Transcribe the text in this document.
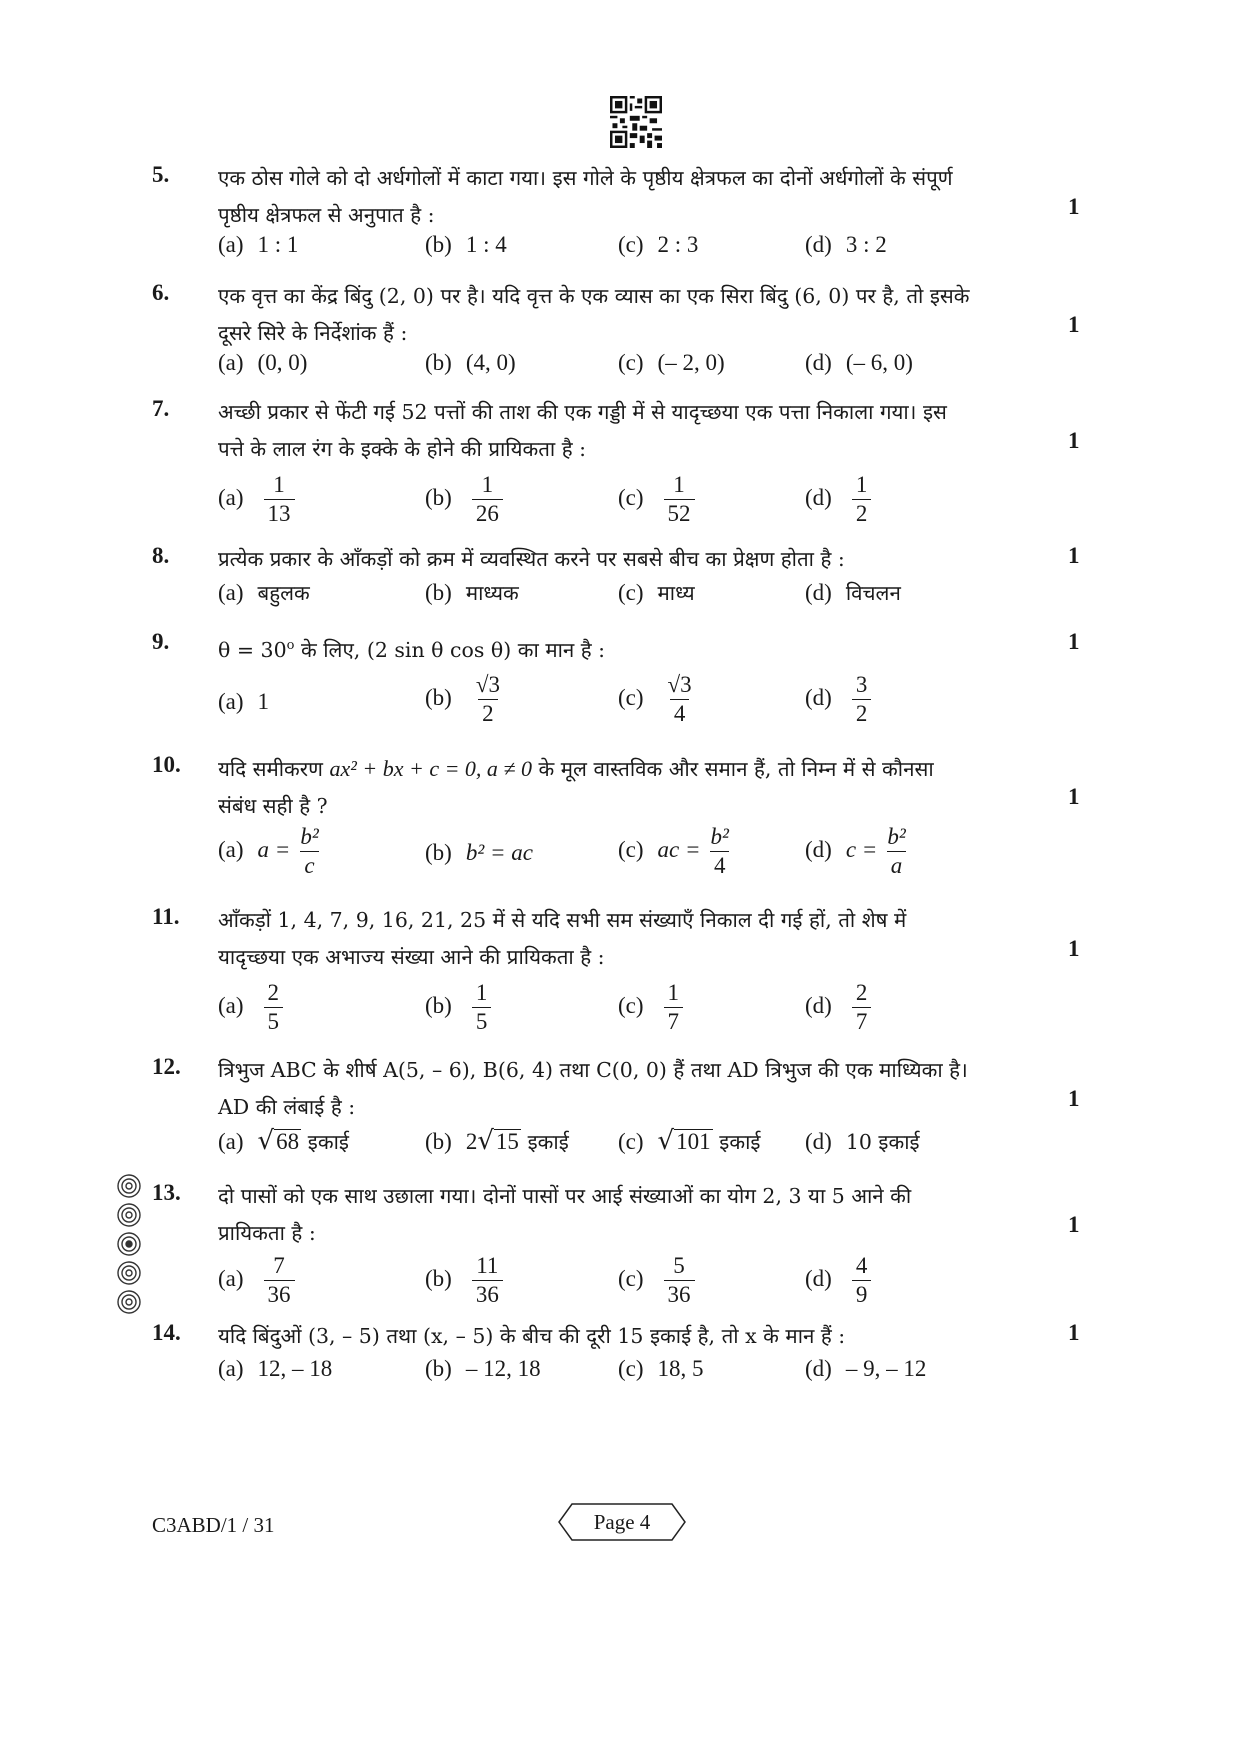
5. एक ठोस गोले को दो अर्धगोलों में काटा गया। इस गोले के पृष्ठीय क्षेत्रफल का दोनों अर्धगोलों के संपूर्ण पृष्ठीय क्षेत्रफल से अनुपात है :	1
(a) 1 : 1	(b) 1 : 4	(c) 2 : 3	(d) 3 : 2
6. एक वृत्त का केंद्र बिंदु (2, 0) पर है। यदि वृत्त के एक व्यास का एक सिरा बिंदु (6, 0) पर है, तो इसके दूसरे सिरे के निर्देशांक हैं :	1
(a) (0, 0)	(b) (4, 0)	(c) (– 2, 0)	(d) (– 6, 0)
7. अच्छी प्रकार से फेंटी गई 52 पत्तों की ताश की एक गड्डी में से यादृच्छया एक पत्ता निकाला गया। इस पत्ते के लाल रंग के इक्के के होने की प्रायिकता है :	1
$(a) \frac{1}{13}$	$(b) \frac{1}{26}$	$(c) \frac{1}{52}$	$(d) \frac{1}{2}$
8. प्रत्येक प्रकार के आँकड़ों को क्रम में व्यवस्थित करने पर सबसे बीच का प्रेक्षण होता है :	1
(a) बहुलक	(b) माध्यक	(c) माध्य	(d) विचलन
9. $\theta = 30^o$ के लिए, (2 sin θ cos θ) का मान है :	1
(a) 1	$(b) \frac{√3}{2}$	$(c) \frac{√3}{4}$	$(d) \frac{3}{2}$
10. यदि समीकरण ax² + bx + c = 0, a ≠ 0 के मूल वास्तविक और समान हैं, तो निम्न में से कौनसा संबंध सही है ?	1
(a) $a = \frac{\text{b²}}{c}$	(b) b² = ac	(c) ac = $\frac{\text{b²}}{4}$	(d) $c = \frac{\text{b²}}{a}$
11. आँकड़ों 1, 4, 7, 9, 16, 21, 25 में से यदि सभी सम संख्याएँ निकाल दी गई हों, तो शेष में यादृच्छया एक अभाज्य संख्या आने की प्रायिकता है :	1
$(a) \frac{2}{5}$	$(b) \frac{1}{5}$	$(c) \frac{1}{7}$	$(d) \frac{2}{7}$
12. त्रिभुज ABC के शीर्ष A(5, – 6), B(6, 4) तथा C(0, 0) हैं तथा AD त्रिभुज की एक माध्यिका है। AD की लंबाई है :	1
(a) √68 इकाई	(b) 2√15 इकाई (c) √101 इकाई (d) 10 इकाई
13. दो पासों को एक साथ उछाला गया। दोनों पासों पर आई संख्याओं का योग 2, 3 या 5 आने की प्रायिकता है :	1
$(a) \frac{7}{36}$	$(b) \frac{11}{36}$	$(c) \frac{5}{36}$	$(d) \frac{4}{9}$
14. यदि बिंदुओं (3, – 5) तथा (x, – 5) के बीच की दूरी 15 इकाई है, तो x के मान हैं :	1
(a) 12, – 18	(b) – 12, 18	(c) 18, 5	(d) – 9, – 12
C3ABD/1 / 31	Page 4
